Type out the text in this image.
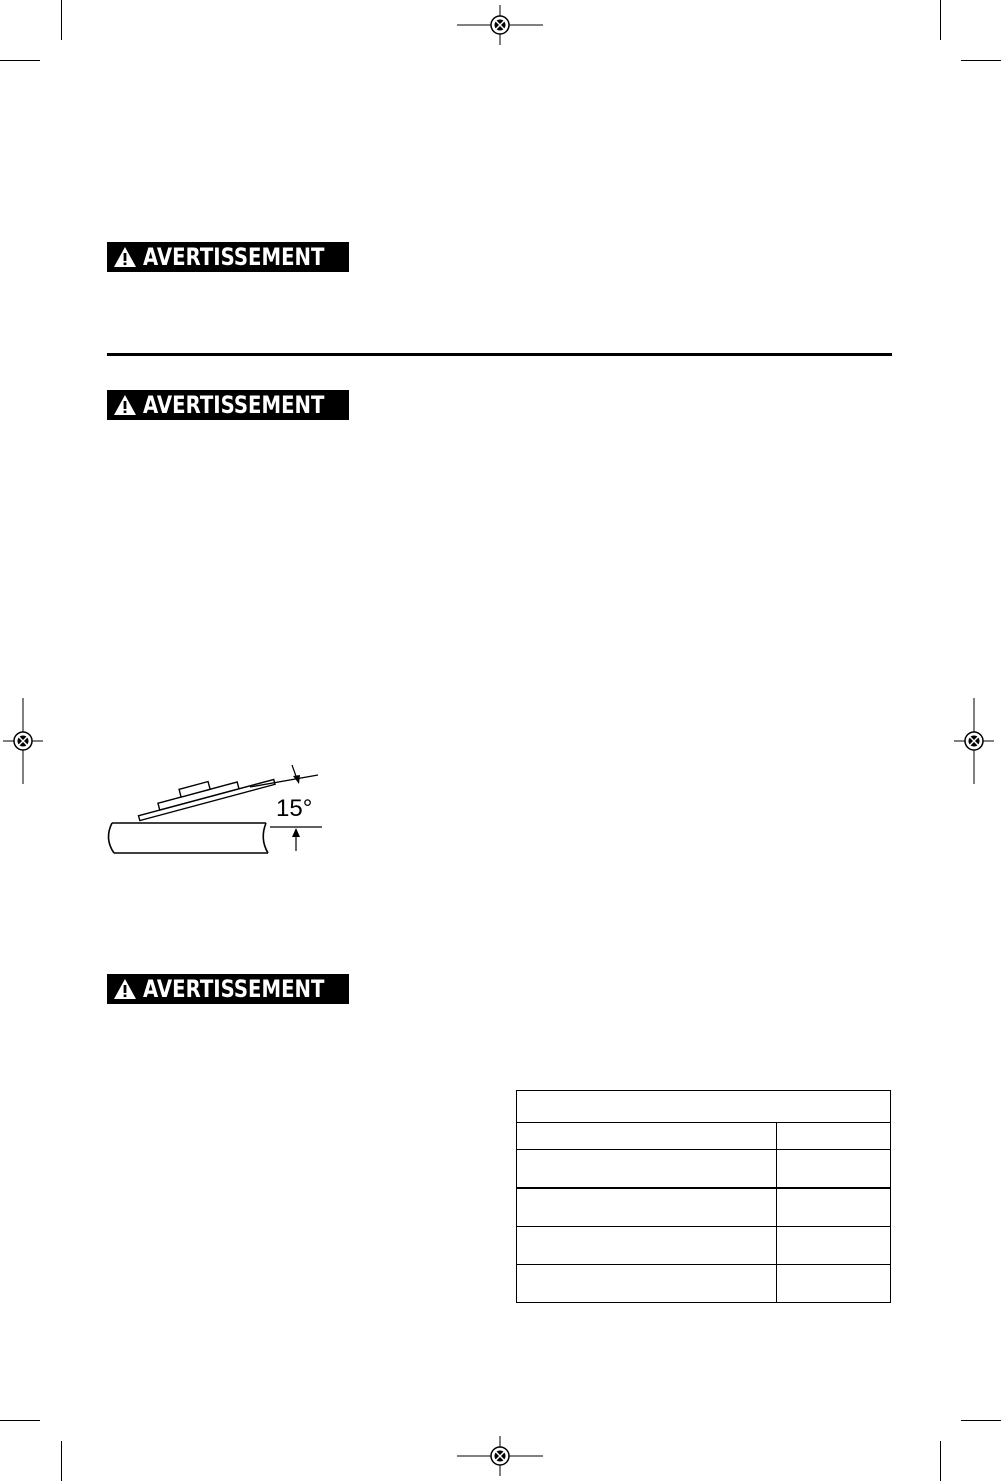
AVERTISSEMENT
AVERTISSEMENT
15°
AVERTISSEMENT
